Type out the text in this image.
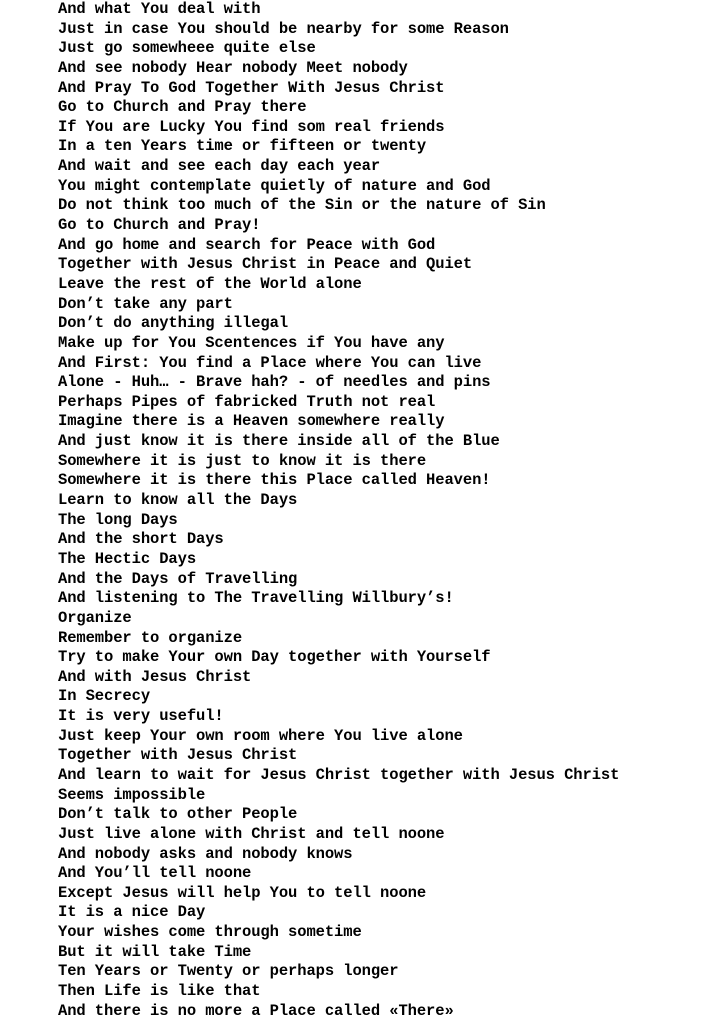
And what You deal with
Just in case You should be nearby for some Reason
Just go somewheee quite else
And see nobody Hear nobody Meet nobody
And Pray To God Together With Jesus Christ
Go to Church and Pray there
If You are Lucky You find som real friends
In a ten Years time or fifteen or twenty
And wait and see each day each year
You might contemplate quietly of nature and God
Do not think too much of the Sin or the nature of Sin
Go to Church and Pray!
And go home and search for Peace with God
Together with Jesus Christ in Peace and Quiet
Leave the rest of the World alone
Don’t take any part
Don’t do anything illegal
Make up for You Scentences if You have any
And First: You find a Place where You can live
Alone - Huh… - Brave hah? - of needles and pins
Perhaps Pipes of fabricked Truth not real
Imagine there is a Heaven somewhere really
And just know it is there inside all of the Blue
Somewhere it is just to know it is there
Somewhere it is there this Place called Heaven!
Learn to know all the Days
The long Days
And the short Days
The Hectic Days
And the Days of Travelling
And listening to The Travelling Willbury’s!
Organize
Remember to organize
Try to make Your own Day together with Yourself
And with Jesus Christ
In Secrecy
It is very useful!
Just keep Your own room where You live alone
Together with Jesus Christ
And learn to wait for Jesus Christ together with Jesus Christ
Seems impossible
Don’t talk to other People
Just live alone with Christ and tell noone
And nobody asks and nobody knows
And You’ll tell noone
Except Jesus will help You to tell noone
It is a nice Day
Your wishes come through sometime
But it will take Time
Ten Years or Twenty or perhaps longer
Then Life is like that
And there is no more a Place called «There»
